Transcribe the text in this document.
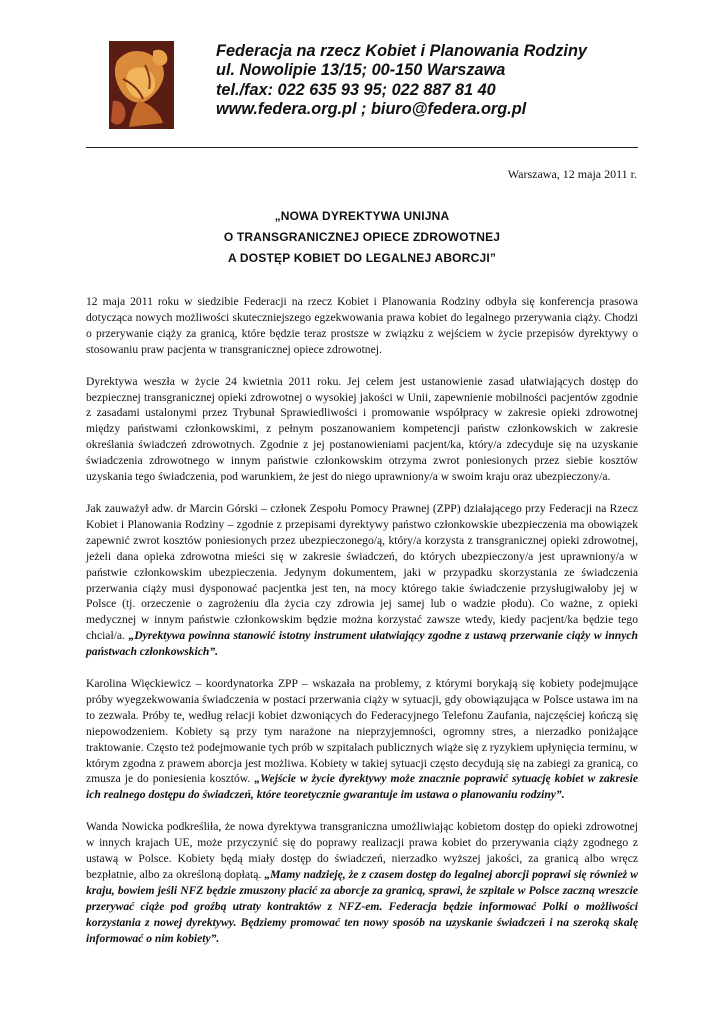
Federacja na rzecz Kobiet i Planowania Rodziny
ul. Nowolipie 13/15; 00-150 Warszawa
tel./fax: 022 635 93 95; 022 887 81 40
www.federa.org.pl ; biuro@federa.org.pl
Warszawa, 12 maja 2011 r.
„NOWA DYREKTYWA UNIJNA
O TRANSGRANICZNEJ OPIECE ZDROWOTNEJ
A DOSTĘP KOBIET DO LEGALNEJ ABORCJI”

12 maja 2011 roku w siedzibie Federacji na rzecz Kobiet i Planowania Rodziny odbyła się konferencja prasowa dotycząca nowych możliwości skuteczniejszego egzekwowania prawa kobiet do legalnego przerywania ciąży. Chodzi o przerywanie ciąży za granicą, które będzie teraz prostsze w związku z wejściem w życie przepisów dyrektywy o stosowaniu praw pacjenta w transgranicznej opiece zdrowotnej.

Dyrektywa weszła w życie 24 kwietnia 2011 roku. Jej celem jest ustanowienie zasad ułatwiających dostęp do bezpiecznej transgranicznej opieki zdrowotnej o wysokiej jakości w Unii, zapewnienie mobilności pacjentów zgodnie z zasadami ustalonymi przez Trybunał Sprawiedliwości i promowanie współpracy w zakresie opieki zdrowotnej między państwami członkowskimi, z pełnym poszanowaniem kompetencji państw członkowskich w zakresie określania świadczeń zdrowotnych. Zgodnie z jej postanowieniami pacjent/ka, który/a zdecyduje się na uzyskanie świadczenia zdrowotnego w innym państwie członkowskim otrzyma zwrot poniesionych przez siebie kosztów uzyskania tego świadczenia, pod warunkiem, że jest do niego uprawniony/a w swoim kraju oraz ubezpieczony/a.

Jak zauważył adw. dr Marcin Górski – członek Zespołu Pomocy Prawnej (ZPP) działającego przy Federacji na Rzecz Kobiet i Planowania Rodziny – zgodnie z przepisami dyrektywy państwo członkowskie ubezpieczenia ma obowiązek zapewnić zwrot kosztów poniesionych przez ubezpieczonego/ą, który/a korzysta z transgranicznej opieki zdrowotnej, jeżeli dana opieka zdrowotna mieści się w zakresie świadczeń, do których ubezpieczony/a jest uprawniony/a w państwie członkowskim ubezpieczenia. Jedynym dokumentem, jaki w przypadku skorzystania ze świadczenia przerwania ciąży musi dysponować pacjentka jest ten, na mocy którego takie świadczenie przysługiwałoby jej w Polsce (tj. orzeczenie o zagrożeniu dla życia czy zdrowia jej samej lub o wadzie płodu). Co ważne, z opieki medycznej w innym państwie członkowskim będzie można korzystać zawsze wtedy, kiedy pacjent/ka będzie tego chciał/a. „Dyrektywa powinna stanowić istotny instrument ułatwiający zgodne z ustawą przerwanie ciąży w innych państwach członkowskich”.

Karolina Więckiewicz – koordynatorka ZPP – wskazała na problemy, z którymi borykają się kobiety podejmujące próby wyegzekwowania świadczenia w postaci przerwania ciąży w sytuacji, gdy obowiązująca w Polsce ustawa im na to zezwala. Próby te, według relacji kobiet dzwoniących do Federacyjnego Telefonu Zaufania, najczęściej kończą się niepowodzeniem. Kobiety są przy tym narażone na nieprzyjemności, ogromny stres, a nierzadko poniżające traktowanie. Często też podejmowanie tych prób w szpitalach publicznych wiąże się z ryzykiem upłynięcia terminu, w którym zgodna z prawem aborcja jest możliwa. Kobiety w takiej sytuacji często decydują się na zabiegi za granicą, co zmusza je do poniesienia kosztów. „Wejście w życie dyrektywy może znacznie poprawić sytuację kobiet w zakresie ich realnego dostępu do świadczeń, które teoretycznie gwarantuje im ustawa o planowaniu rodziny”.

Wanda Nowicka podkreśliła, że nowa dyrektywa transgraniczna umożliwiając kobietom dostęp do opieki zdrowotnej w innych krajach UE, może przyczynić się do poprawy realizacji prawa kobiet do przerywania ciąży zgodnego z ustawą w Polsce. Kobiety będą miały dostęp do świadczeń, nierzadko wyższej jakości, za granicą albo wręcz bezpłatnie, albo za określoną dopłatą. „Mamy nadzieję, że z czasem dostęp do legalnej aborcji poprawi się również w kraju, bowiem jeśli NFZ będzie zmuszony płacić za aborcje za granicą, sprawi, że szpitale w Polsce zaczną wreszcie przerywać ciąże pod groźbą utraty kontraktów z NFZ-em. Federacja będzie informować Polki o możliwości korzystania z nowej dyrektywy. Będziemy promować ten nowy sposób na uzyskanie świadczeń i na szeroką skalę informować o nim kobiety”.
